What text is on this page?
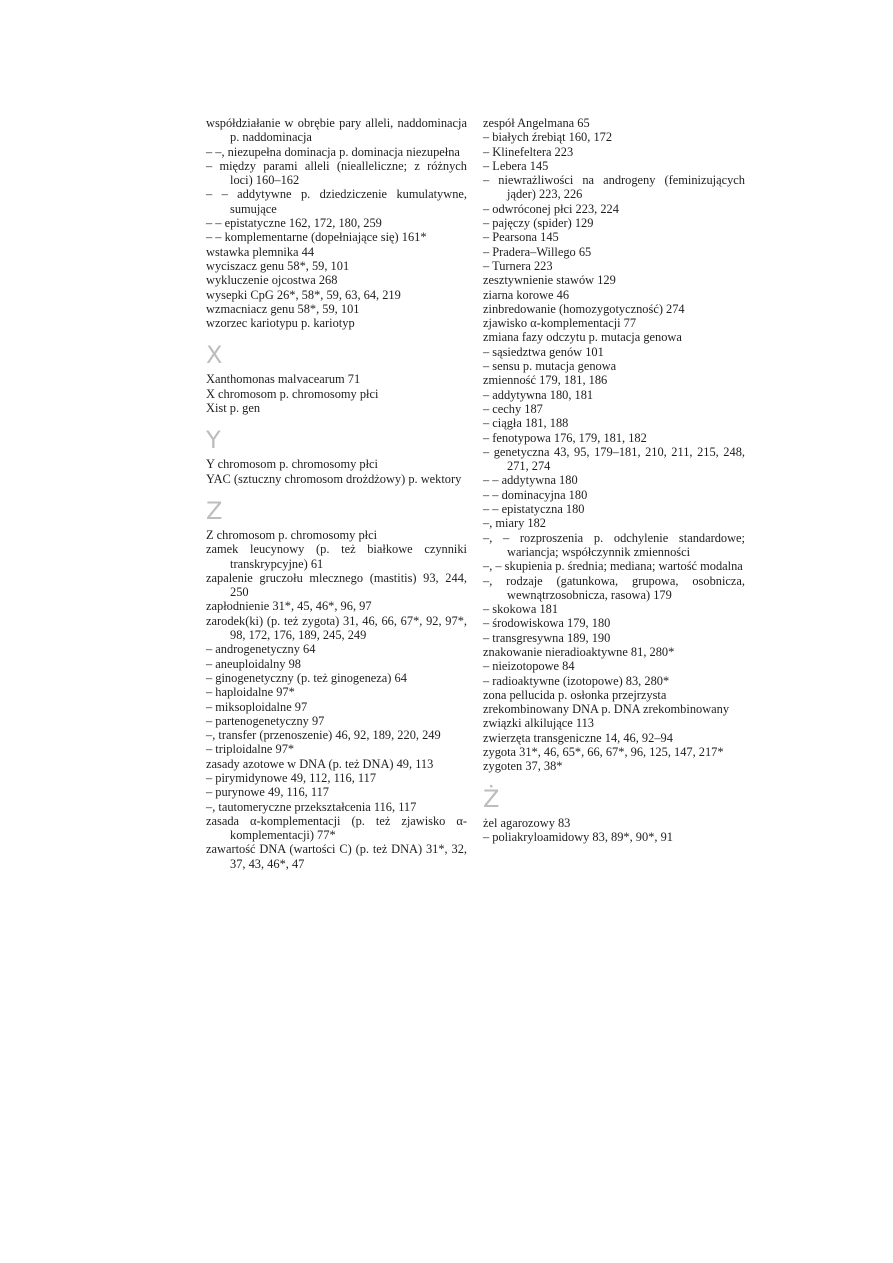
współdziałanie w obrębie pary alleli, naddominacja p. naddominacja
– –, niezupełna dominacja p. dominacja niezupełna
– między parami alleli (nieallelicznе; z różnych loci) 160–162
– – addytywne p. dziedziczenie kumulatywne, sumujące
– – epistatyczne 162, 172, 180, 259
– – komplementarne (dopełniające się) 161*
wstawka plemnika 44
wyciszacz genu 58*, 59, 101
wykluczenie ojcostwa 268
wysepki CpG 26*, 58*, 59, 63, 64, 219
wzmacniacz genu 58*, 59, 101
wzorzec kariotypu p. kariotyp
X
Xanthomonas malvacearum 71
X chromosom p. chromosomy płci
Xist p. gen
Y
Y chromosom p. chromosomy płci
YAC (sztuczny chromosom drożdżowy) p. wektory
Z
Z chromosom p. chromosomy płci
zamek leucynowy (p. też białkowe czynniki transkrypcyjne) 61
zapalenie gruczołu mlecznego (mastitis) 93, 244, 250
zapłodnienie 31*, 45, 46*, 96, 97
zarodek(ki) (p. też zygota) 31, 46, 66, 67*, 92, 97*, 98, 172, 176, 189, 245, 249
– androgenetyczny 64
– aneuploidalny 98
– ginogenetyczny (p. też ginogeneza) 64
– haploidalne 97*
– miksoploidalne 97
– partenogenetyczny 97
–, transfer (przenoszenie) 46, 92, 189, 220, 249
– triploidalne 97*
zasady azotowe w DNA (p. też DNA) 49, 113
– pirymidynowe 49, 112, 116, 117
– purynowe 49, 116, 117
–, tautomeryczne przekształcenia 116, 117
zasada α-komplementacji (p. też zjawisko α-komplementacji) 77*
zawartość DNA (wartości C) (p. też DNA) 31*, 32, 37, 43, 46*, 47
zespół Angelmana 65
– białych źrebiąt 160, 172
– Klinefeltera 223
– Lebera 145
– niewrażliwości na androgeny (feminizujących jąder) 223, 226
– odwróconej płci 223, 224
– pajęczy (spider) 129
– Pearsona 145
– Pradera–Willego 65
– Turnera 223
zesztywnienie stawów 129
ziarna korowe 46
zinbredowanie (homozygotyczność) 274
zjawisko α-komplementacji 77
zmiana fazy odczytu p. mutacja genowa
– sąsiedztwa genów 101
– sensu p. mutacja genowa
zmienność 179, 181, 186
– addytywna 180, 181
– cechy 187
– ciągła 181, 188
– fenotypowa 176, 179, 181, 182
– genetyczna 43, 95, 179–181, 210, 211, 215, 248, 271, 274
– – addytywna 180
– – dominacyjna 180
– – epistatyczna 180
–, miary 182
–, – rozproszenia p. odchylenie standardowe; wariancja; współczynnik zmienności
–, – skupienia p. średnia; mediana; wartość modalna
–, rodzaje (gatunkowa, grupowa, osobnicza, wewnątrzosobnicza, rasowa) 179
– skokowa 181
– środowiskowa 179, 180
– transgresywna 189, 190
znakowanie nieradioaktywne 81, 280*
– nieizotopowe 84
– radioaktywne (izotopowe) 83, 280*
zona pellucida p. osłonka przejrzysta
zrekombinowany DNA p. DNA zrekombinowany
związki alkilujące 113
zwierzęta transgeniczne 14, 46, 92–94
zygota 31*, 46, 65*, 66, 67*, 96, 125, 147, 217*
zygoten 37, 38*
Ż
żel agarozowy 83
– poliakryloamidowy 83, 89*, 90*, 91
